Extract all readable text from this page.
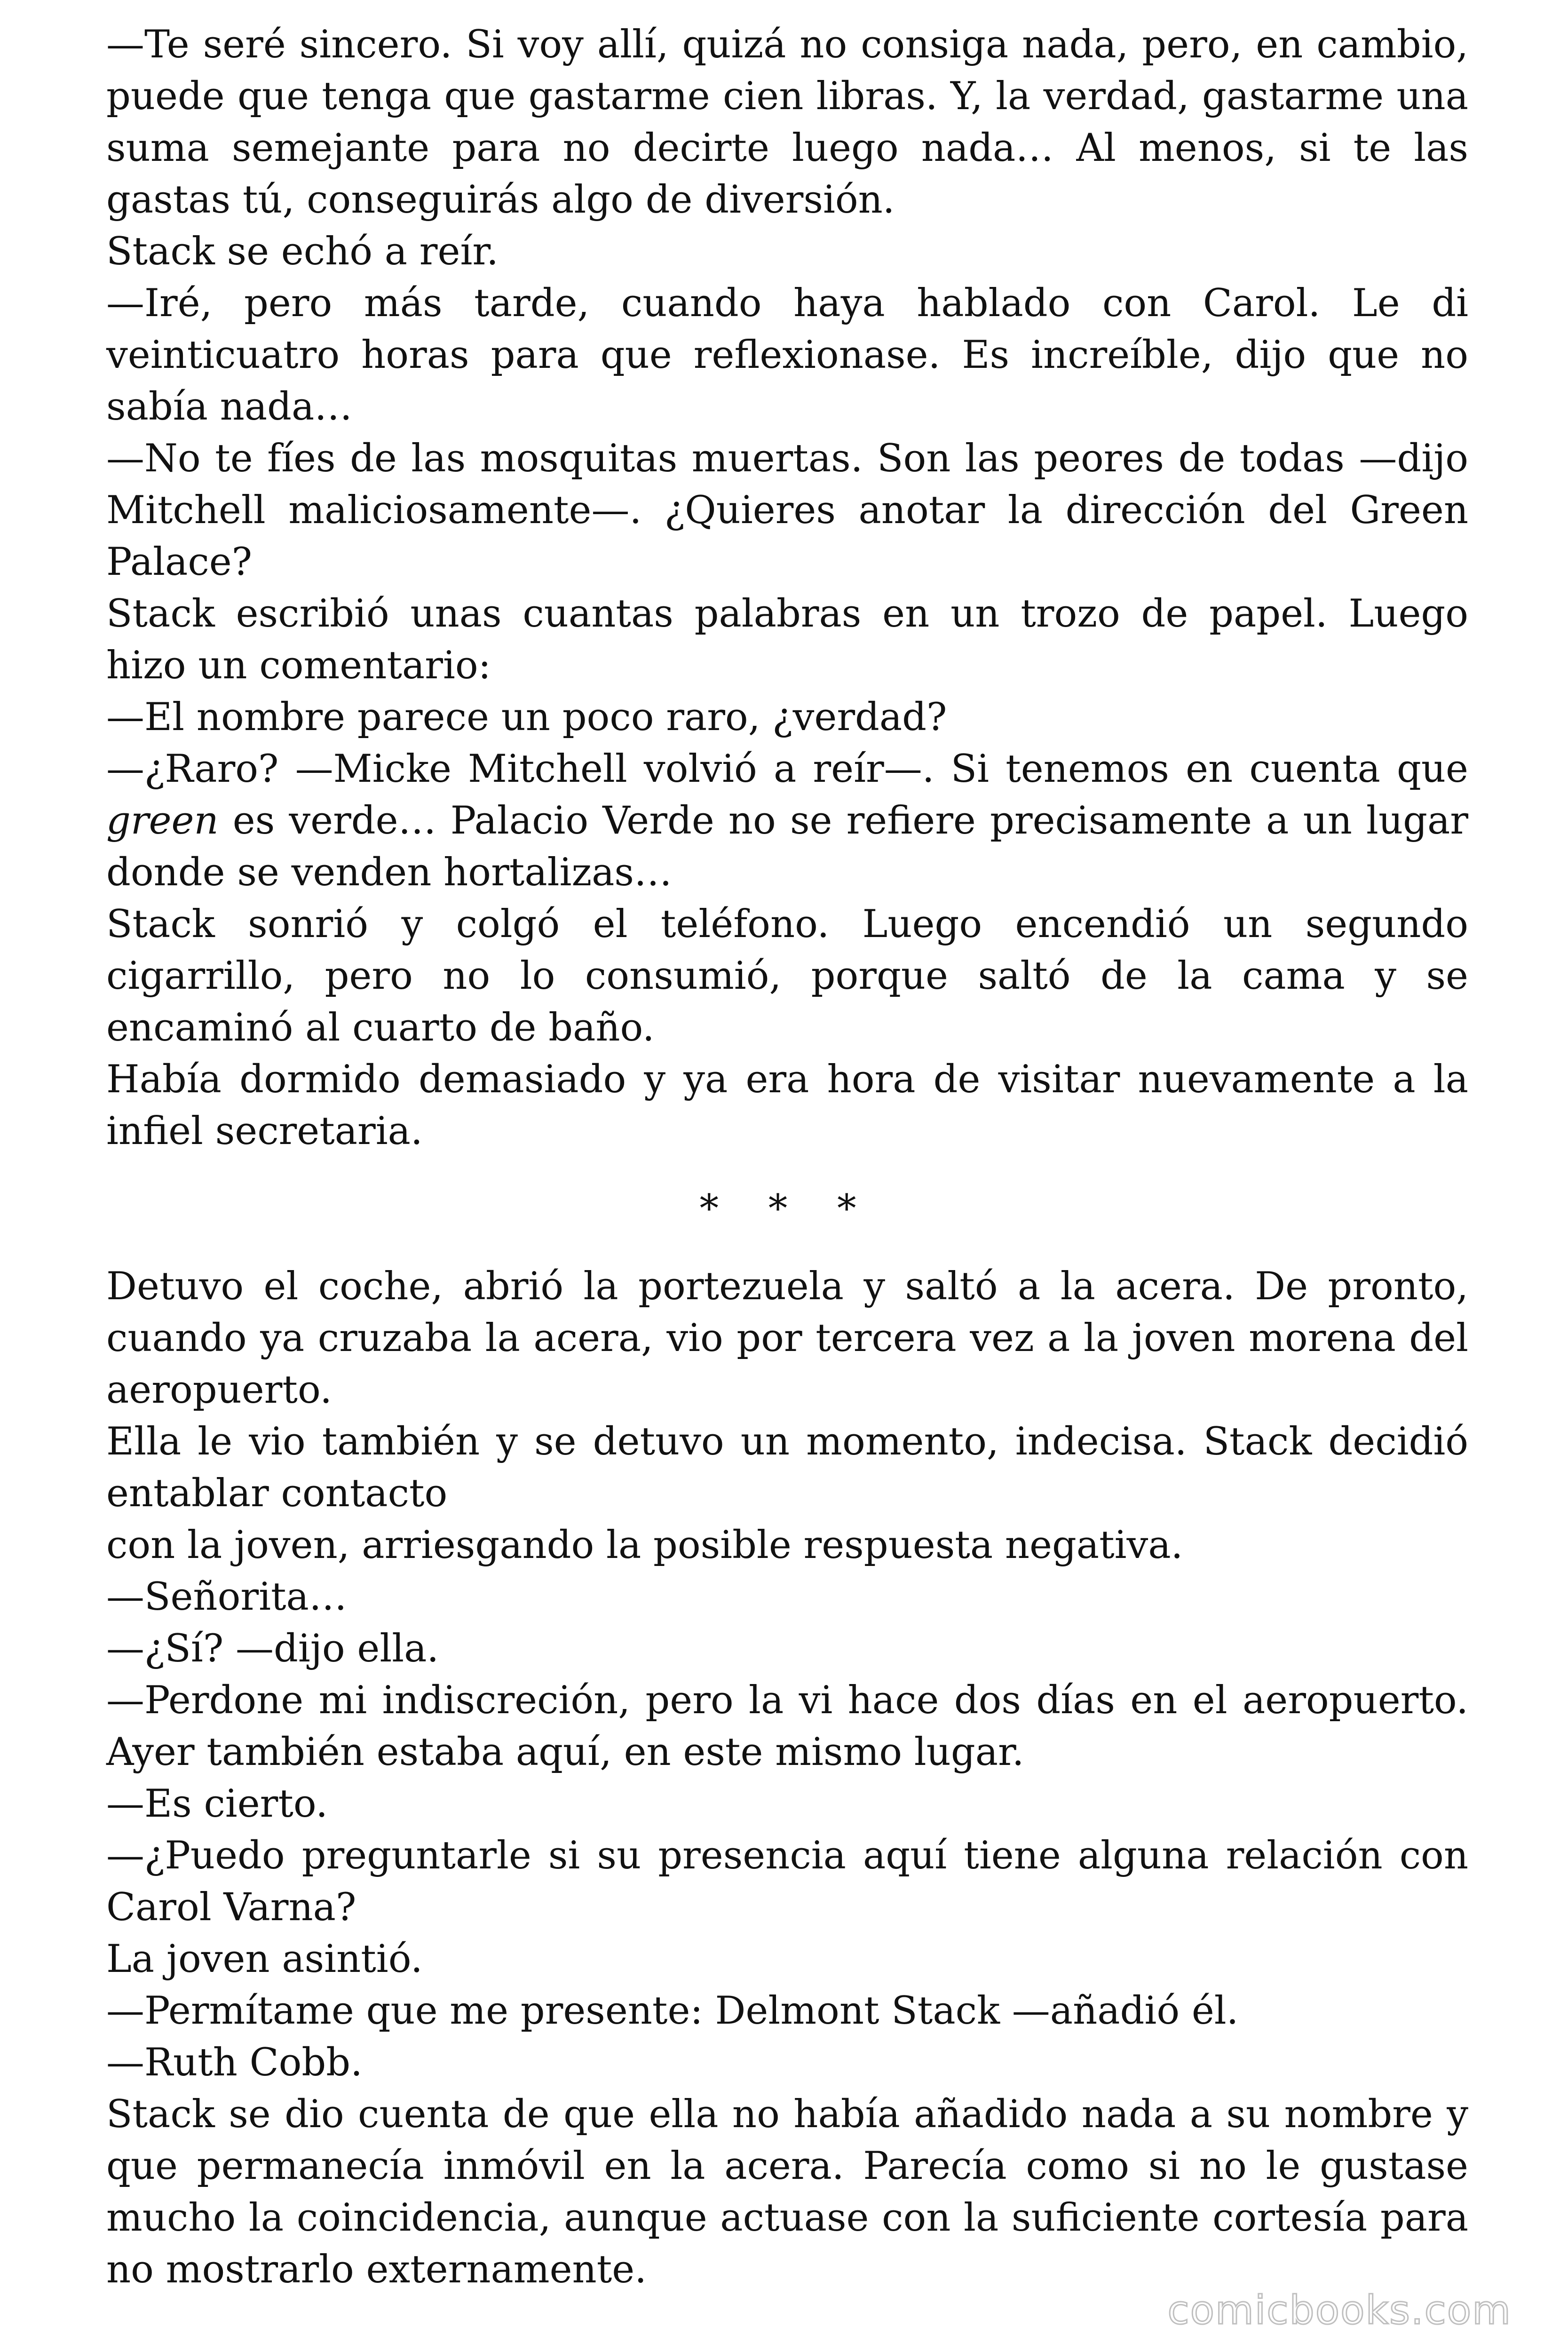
—Te seré sincero. Si voy allí, quizá no consiga nada, pero, en cambio, puede que tenga que gastarme cien libras. Y, la verdad, gastarme una suma semejante para no decirte luego nada… Al menos, si te las gastas tú, conseguirás algo de diversión.

Stack se echó a reír.

—Iré, pero más tarde, cuando haya hablado con Carol. Le di veinticuatro horas para que reflexionase. Es increíble, dijo que no sabía nada…

—No te fíes de las mosquitas muertas. Son las peores de todas —dijo Mitchell maliciosamente—. ¿Quieres anotar la dirección del Green Palace?

Stack escribió unas cuantas palabras en un trozo de papel. Luego hizo un comentario:

—El nombre parece un poco raro, ¿verdad?

—¿Raro? —Micke Mitchell volvió a reír—. Si tenemos en cuenta que green es verde… Palacio Verde no se refiere precisamente a un lugar donde se venden hortalizas…

Stack sonrió y colgó el teléfono. Luego encendió un segundo cigarrillo, pero no lo consumió, porque saltó de la cama y se encaminó al cuarto de baño.

Había dormido demasiado y ya era hora de visitar nuevamente a la infiel secretaria.

* * *

Detuvo el coche, abrió la portezuela y saltó a la acera. De pronto, cuando ya cruzaba la acera, vio por tercera vez a la joven morena del aeropuerto.

Ella le vio también y se detuvo un momento, indecisa. Stack decidió entablar contacto

con la joven, arriesgando la posible respuesta negativa.

—Señorita…

—¿Sí? —dijo ella.

—Perdone mi indiscreción, pero la vi hace dos días en el aeropuerto. Ayer también estaba aquí, en este mismo lugar.

—Es cierto.

—¿Puedo preguntarle si su presencia aquí tiene alguna relación con Carol Varna?

La joven asintió.

—Permítame que me presente: Delmont Stack —añadió él.

—Ruth Cobb.

Stack se dio cuenta de que ella no había añadido nada a su nombre y que permanecía inmóvil en la acera. Parecía como si no le gustase mucho la coincidencia, aunque actuase con la suficiente cortesía para no mostrarlo externamente.

comicbooks.com
